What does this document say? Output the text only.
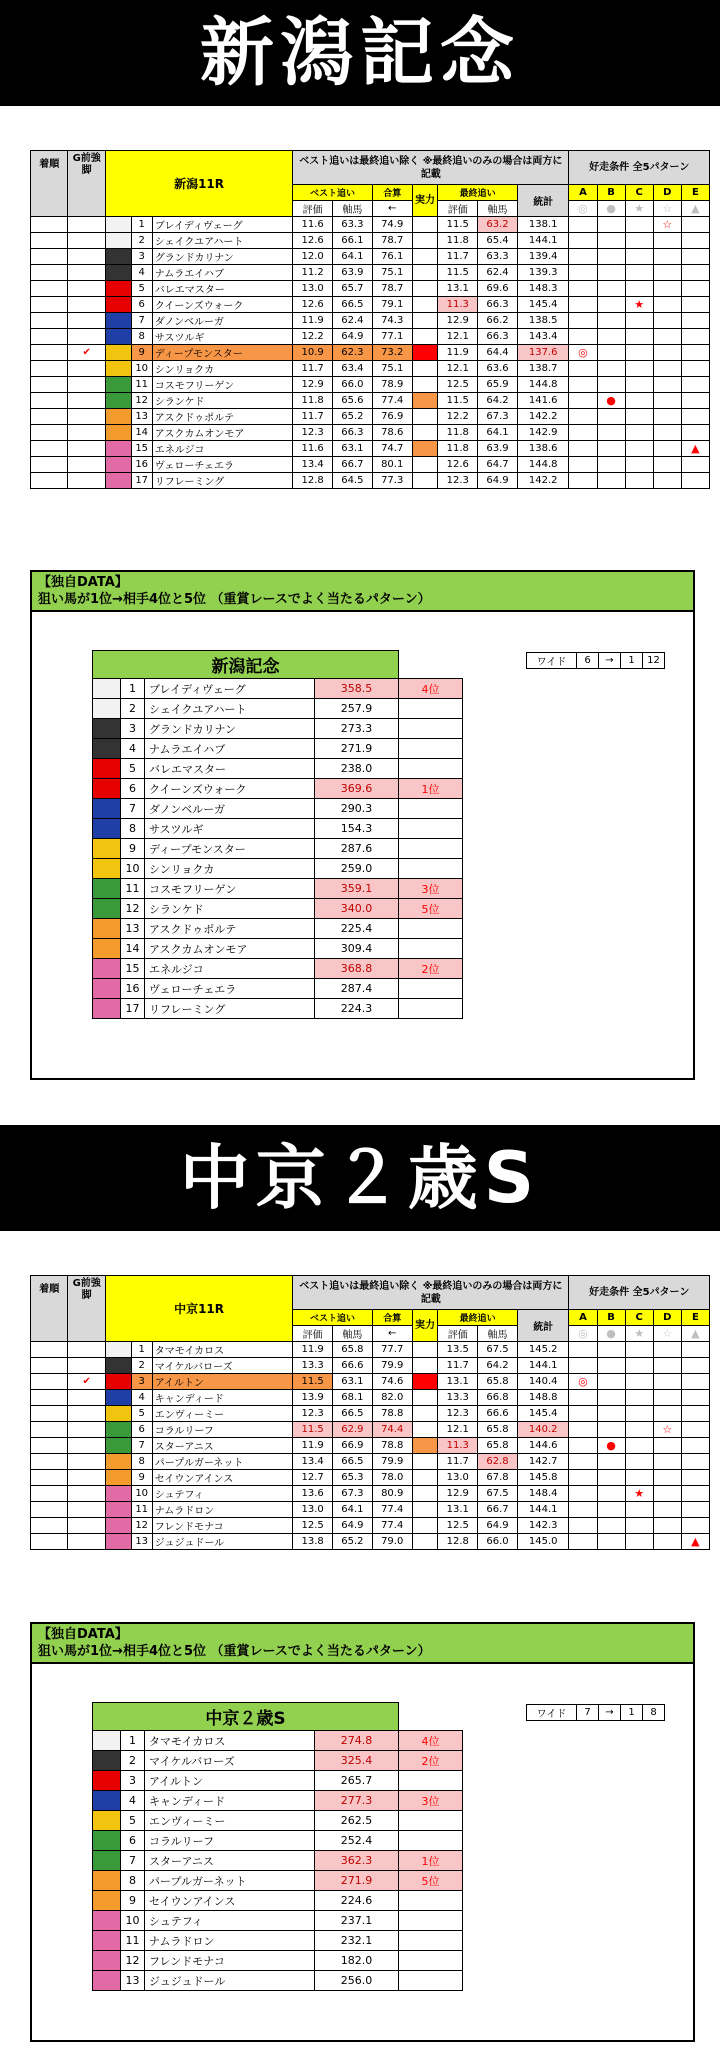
新潟記念
着順	G前強脚	新潟11R			ベスト追いは最終追い除く ※最終追いのみの場合は両方に記載							好走条件 全5パターン				

					ベスト追い		合算	実力	最終追い		統計	A	B	C	D	E
					評価	軸馬	←		評価	軸馬		◎	●	★	☆	▲
			1	ブレイディヴェーグ	11.6	63.3	74.9		11.5	63.2	138.1				☆	
			2	シェイクユアハート	12.6	66.1	78.7		11.8	65.4	144.1					
			3	グランドカリナン	12.0	64.1	76.1		11.7	63.3	139.4					
			4	ナムラエイハブ	11.2	63.9	75.1		11.5	62.4	139.3					
			5	バレエマスター	13.0	65.7	78.7		13.1	69.6	148.3					
			6	クイーンズウォーク	12.6	66.5	79.1		11.3	66.3	145.4			★		
			7	ダノンベルーガ	11.9	62.4	74.3		12.9	66.2	138.5					
			8	サスツルギ	12.2	64.9	77.1		12.1	66.3	143.4					
	✔		9	ディープモンスター	10.9	62.3	73.2		11.9	64.4	137.6	◎				
			10	シンリョクカ	11.7	63.4	75.1		12.1	63.6	138.7					
			11	コスモフリーゲン	12.9	66.0	78.9		12.5	65.9	144.8					
			12	シランケド	11.8	65.6	77.4		11.5	64.2	141.6		●			
			13	アスクドゥポルテ	11.7	65.2	76.9		12.2	67.3	142.2					
			14	アスクカムオンモア	12.3	66.3	78.6		11.8	64.1	142.9					
			15	エネルジコ	11.6	63.1	74.7		11.8	63.9	138.6					▲
			16	ヴェローチェエラ	13.4	66.7	80.1		12.6	64.7	144.8					
			17	リフレーミング	12.8	64.5	77.3		12.3	64.9	142.2					
【独自DATA】
狙い馬が1位→相手4位と5位 （重賞レースでよく当たるパターン）
新潟記念				
	1	ブレイディヴェーグ	358.5	4位
	2	シェイクユアハート	257.9	
	3	グランドカリナン	273.3	
	4	ナムラエイハブ	271.9	
	5	バレエマスター	238.0	
	6	クイーンズウォーク	369.6	1位
	7	ダノンベルーガ	290.3	
	8	サスツルギ	154.3	
	9	ディープモンスター	287.6	
	10	シンリョクカ	259.0	
	11	コスモフリーゲン	359.1	3位
	12	シランケド	340.0	5位
	13	アスクドゥポルテ	225.4	
	14	アスクカムオンモア	309.4	
	15	エネルジコ	368.8	2位
	16	ヴェローチェエラ	287.4	
	17	リフレーミング	224.3	
ワイド	6	→	1	12
中京２歳S
着順	G前強脚	中京11R			ベスト追いは最終追い除く ※最終追いのみの場合は両方に記載							好走条件 全5パターン				

					ベスト追い		合算	実力	最終追い		統計	A	B	C	D	E
					評価	軸馬	←		評価	軸馬		◎	●	★	☆	▲
			1	タマモイカロス	11.9	65.8	77.7		13.5	67.5	145.2					
			2	マイケルバローズ	13.3	66.6	79.9		11.7	64.2	144.1					
	✔		3	アイルトン	11.5	63.1	74.6		13.1	65.8	140.4	◎				
			4	キャンディード	13.9	68.1	82.0		13.3	66.8	148.8					
			5	エンヴィーミー	12.3	66.5	78.8		12.3	66.6	145.4					
			6	コラルリーフ	11.5	62.9	74.4		12.1	65.8	140.2				☆	
			7	スターアニス	11.9	66.9	78.8		11.3	65.8	144.6		●			
			8	パープルガーネット	13.4	66.5	79.9		11.7	62.8	142.7					
			9	セイウンアインス	12.7	65.3	78.0		13.0	67.8	145.8					
			10	シュテフィ	13.6	67.3	80.9		12.9	67.5	148.4			★		
			11	ナムラドロン	13.0	64.1	77.4		13.1	66.7	144.1					
			12	フレンドモナコ	12.5	64.9	77.4		12.5	64.9	142.3					
			13	ジュジュドール	13.8	65.2	79.0		12.8	66.0	145.0					▲
【独自DATA】
狙い馬が1位→相手4位と5位 （重賞レースでよく当たるパターン）
中京２歳S				
	1	タマモイカロス	274.8	4位
	2	マイケルバローズ	325.4	2位
	3	アイルトン	265.7	
	4	キャンディード	277.3	3位
	5	エンヴィーミー	262.5	
	6	コラルリーフ	252.4	
	7	スターアニス	362.3	1位
	8	パープルガーネット	271.9	5位
	9	セイウンアインス	224.6	
	10	シュテフィ	237.1	
	11	ナムラドロン	232.1	
	12	フレンドモナコ	182.0	
	13	ジュジュドール	256.0	
ワイド	7	→	1	8
